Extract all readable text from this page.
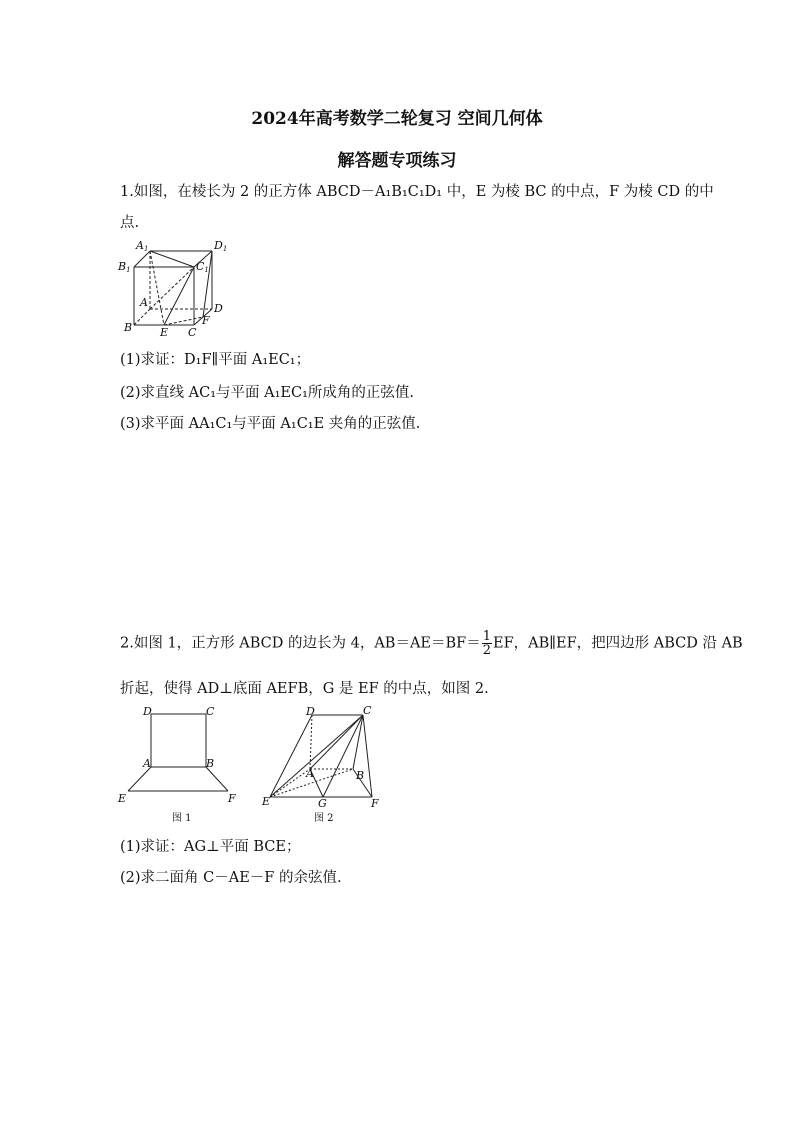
2024年高考数学二轮复习 空间几何体
解答题专项练习
1.如图，在棱长为 2 的正方体 ABCD－A₁B₁C₁D₁ 中，E 为棱 BC 的中点，F 为棱 CD 的中
点.
A1	D1
B1	C1
A	D
B	E C
F
(1)求证：D₁F∥平面 A₁EC₁；
(2)求直线 AC₁与平面 A₁EC₁所成角的正弦值.
(3)求平面 AA₁C₁与平面 A₁C₁E 夹角的正弦值.
2.如图 1，正方形 ABCD 的边长为 4，$AB=AE=BF= \frac{1}{2}$ EF，AB∥EF，把四边形 ABCD 沿 AB
折起，使得 AD⊥底面 AEFB，G 是 EF 的中点，如图 2.
D	C
A	B
E	F
图 1
D	C
A	B
E	G	F
图 2
(1)求证：AG⊥平面 BCE；
(2)求二面角 C－AE－F 的余弦值.
